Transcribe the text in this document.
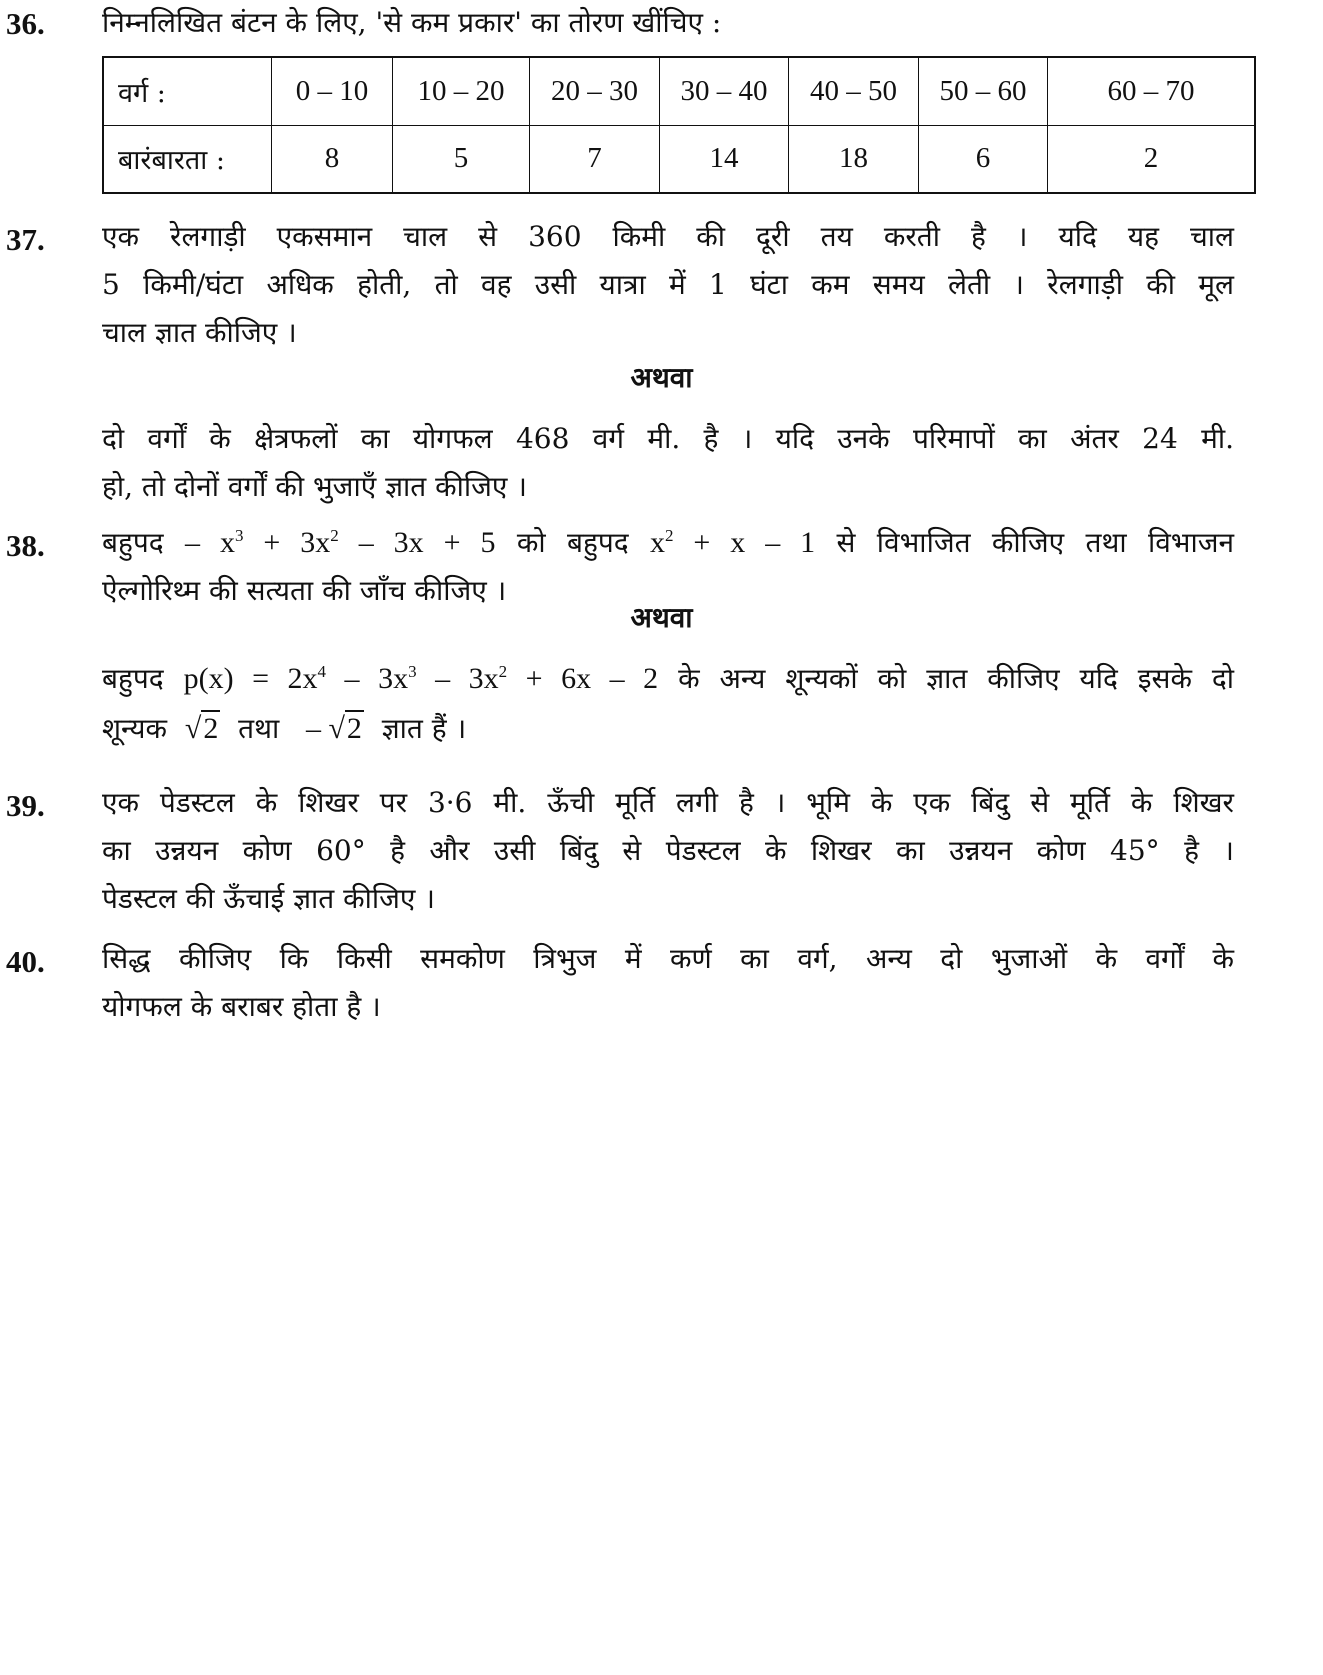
36. निम्नलिखित बंटन के लिए, 'से कम प्रकार' का तोरण खींचिए :
वर्ग :	0 – 10	10 – 20	20 – 30	30 – 40	40 – 50	50 – 60	60 – 70
बारंबारता :	8	5	7	14	18	6	2
37. एक रेलगाड़ी एकसमान चाल से 360 किमी की दूरी तय करती है । यदि यह चाल
5 किमी/घंटा अधिक होती, तो वह उसी यात्रा में 1 घंटा कम समय लेती । रेलगाड़ी की मूल
चाल ज्ञात कीजिए ।
अथवा
दो वर्गों के क्षेत्रफलों का योगफल 468 वर्ग मी. है । यदि उनके परिमापों का अंतर 24 मी.
हो, तो दोनों वर्गों की भुजाएँ ज्ञात कीजिए ।
38. बहुपद – $x^3 + 3x^2 - 3x + 5$ को बहुपद $x^2 + x - 1$ से विभाजित कीजिए तथा विभाजन
ऐल्गोरिथ्म की सत्यता की जाँच कीजिए ।
अथवा
बहुपद $p(x) = 2x^4 - 3x^3 - 3x^2 + 6x - 2$ के अन्य शून्यकों को ज्ञात कीजिए यदि इसके दो
शून्यक √2 तथा – √2 ज्ञात हैं ।
39. एक पेडस्टल के शिखर पर 3·6 मी. ऊँची मूर्ति लगी है । भूमि के एक बिंदु से मूर्ति के शिखर
का उन्नयन कोण 60° है और उसी बिंदु से पेडस्टल के शिखर का उन्नयन कोण 45° है ।
पेडस्टल की ऊँचाई ज्ञात कीजिए ।
40. सिद्ध कीजिए कि किसी समकोण त्रिभुज में कर्ण का वर्ग, अन्य दो भुजाओं के वर्गों के
योगफल के बराबर होता है ।
